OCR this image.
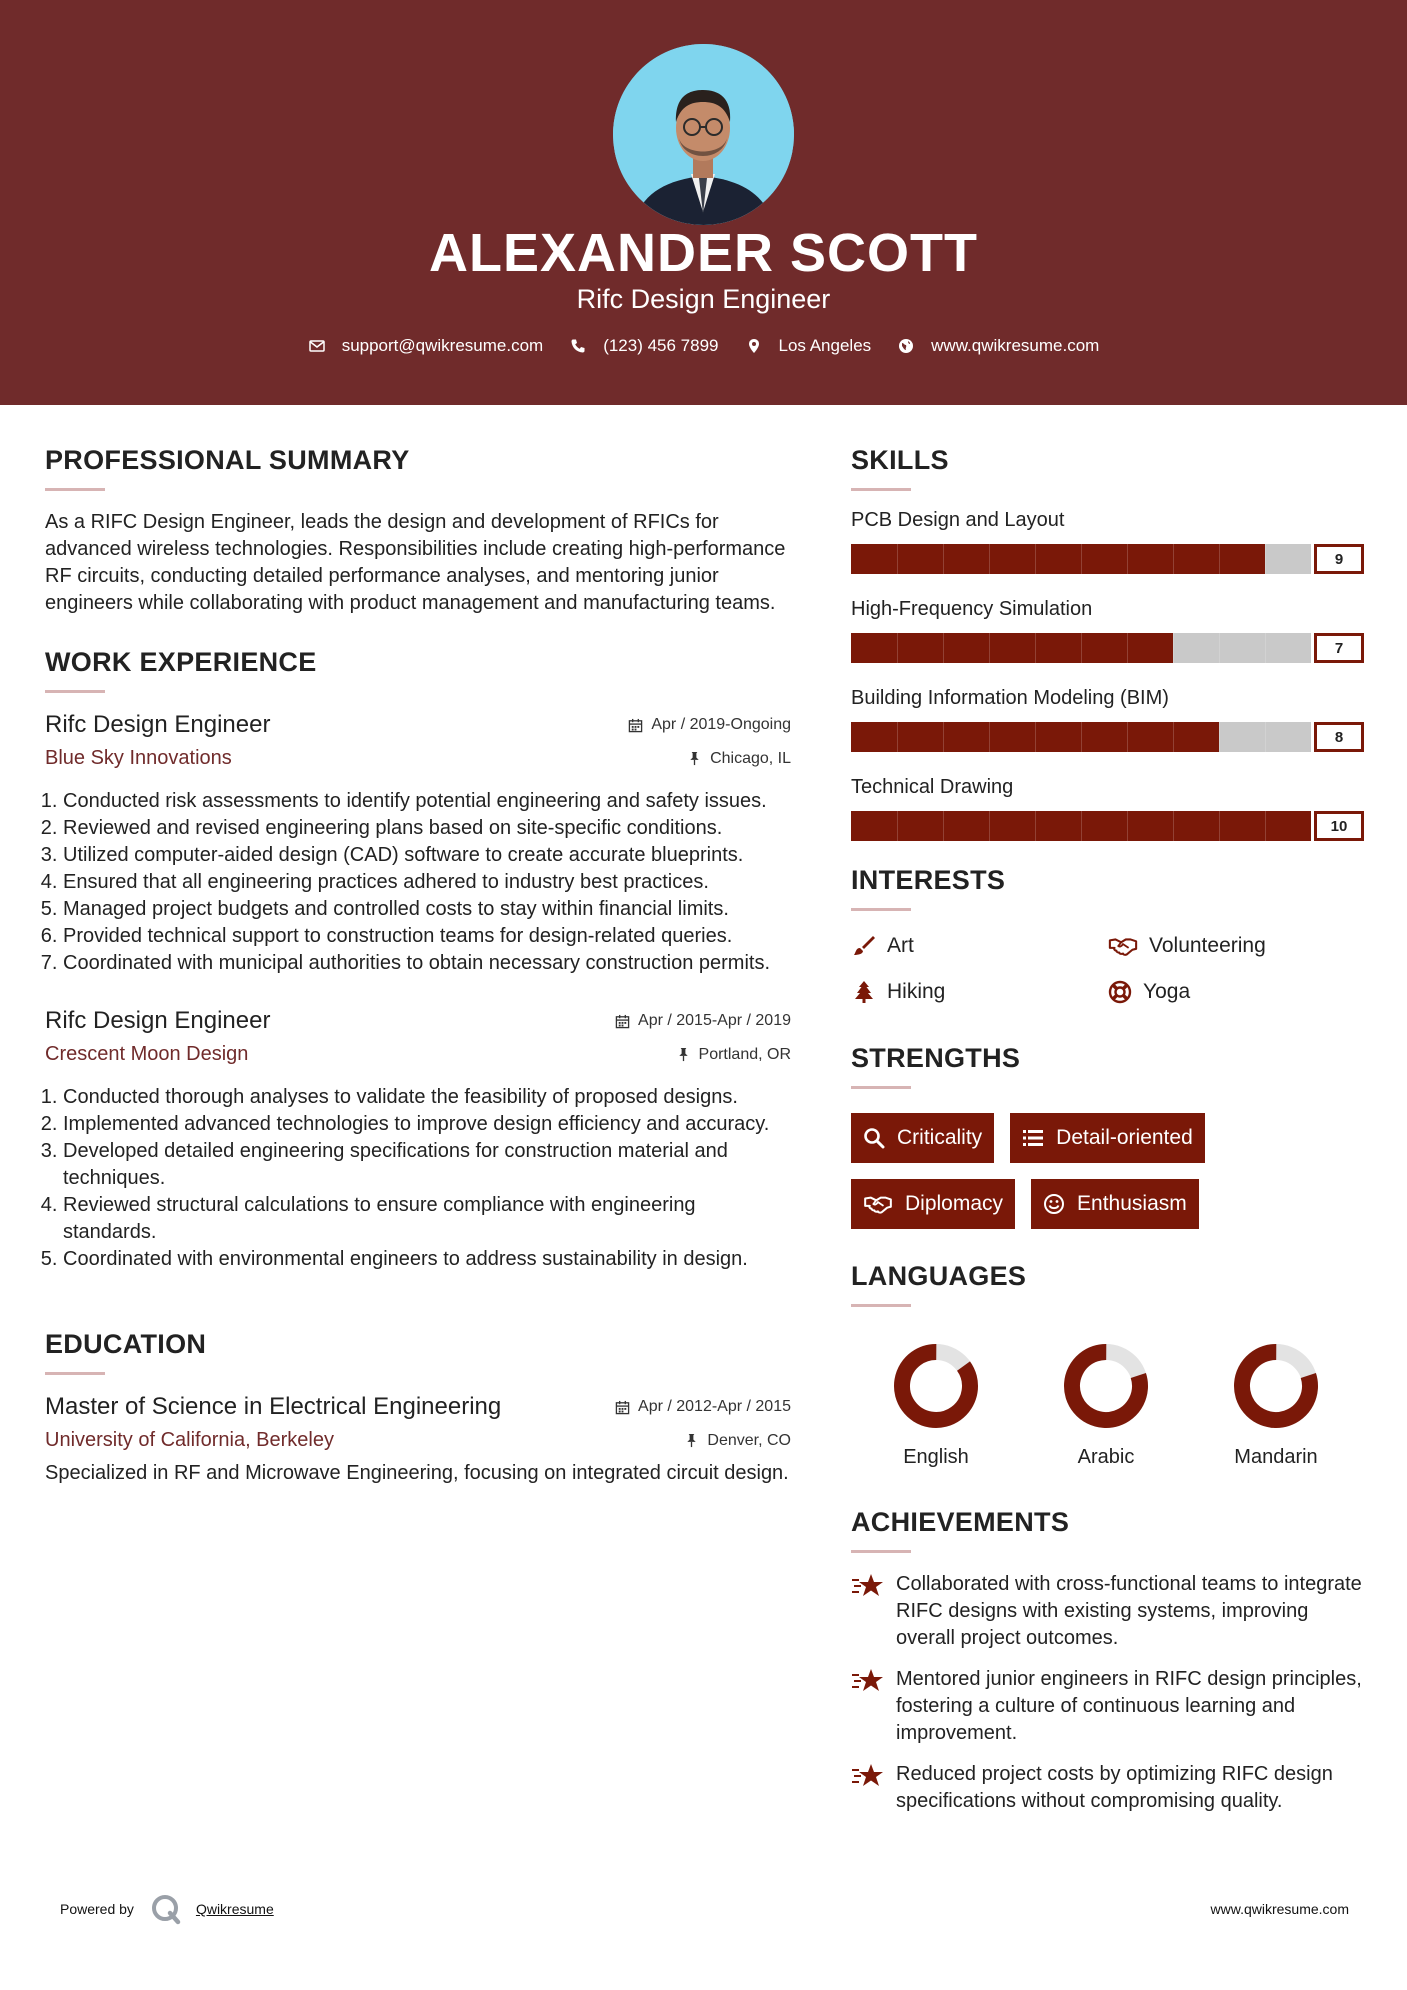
ALEXANDER SCOTT
Rifc Design Engineer
support@qwikresume.com	(123) 456 7899	Los Angeles	www.qwikresume.com
PROFESSIONAL SUMMARY
As a RIFC Design Engineer, leads the design and development of RFICs for advanced wireless technologies. Responsibilities include creating high-performance RF circuits, conducting detailed performance analyses, and mentoring junior engineers while collaborating with product management and manufacturing teams.
WORK EXPERIENCE
Rifc Design Engineer	Apr / 2019-Ongoing
Blue Sky Innovations	Chicago, IL
1. Conducted risk assessments to identify potential engineering and safety issues.
2. Reviewed and revised engineering plans based on site-specific conditions.
3. Utilized computer-aided design (CAD) software to create accurate blueprints.
4. Ensured that all engineering practices adhered to industry best practices.
5. Managed project budgets and controlled costs to stay within financial limits.
6. Provided technical support to construction teams for design-related queries.
7. Coordinated with municipal authorities to obtain necessary construction permits.
Rifc Design Engineer	Apr / 2015-Apr / 2019
Crescent Moon Design	Portland, OR
1. Conducted thorough analyses to validate the feasibility of proposed designs.
2. Implemented advanced technologies to improve design efficiency and accuracy.
3. Developed detailed engineering specifications for construction material and techniques.
4. Reviewed structural calculations to ensure compliance with engineering standards.
5. Coordinated with environmental engineers to address sustainability in design.
EDUCATION
Master of Science in Electrical Engineering	Apr / 2012-Apr / 2015
University of California, Berkeley	Denver, CO
Specialized in RF and Microwave Engineering, focusing on integrated circuit design.
SKILLS
PCB Design and Layout
9
High-Frequency Simulation
7
Building Information Modeling (BIM)
8
Technical Drawing
10
INTERESTS
Art	Volunteering
Hiking	Yoga
STRENGTHS
Criticality	Detail-oriented
Diplomacy	Enthusiasm
LANGUAGES
English	Arabic	Mandarin
ACHIEVEMENTS
Collaborated with cross-functional teams to integrate RIFC designs with existing systems, improving overall project outcomes.
Mentored junior engineers in RIFC design principles, fostering a culture of continuous learning and improvement.
Reduced project costs by optimizing RIFC design specifications without compromising quality.
Powered by	Qwikresume	www.qwikresume.com
